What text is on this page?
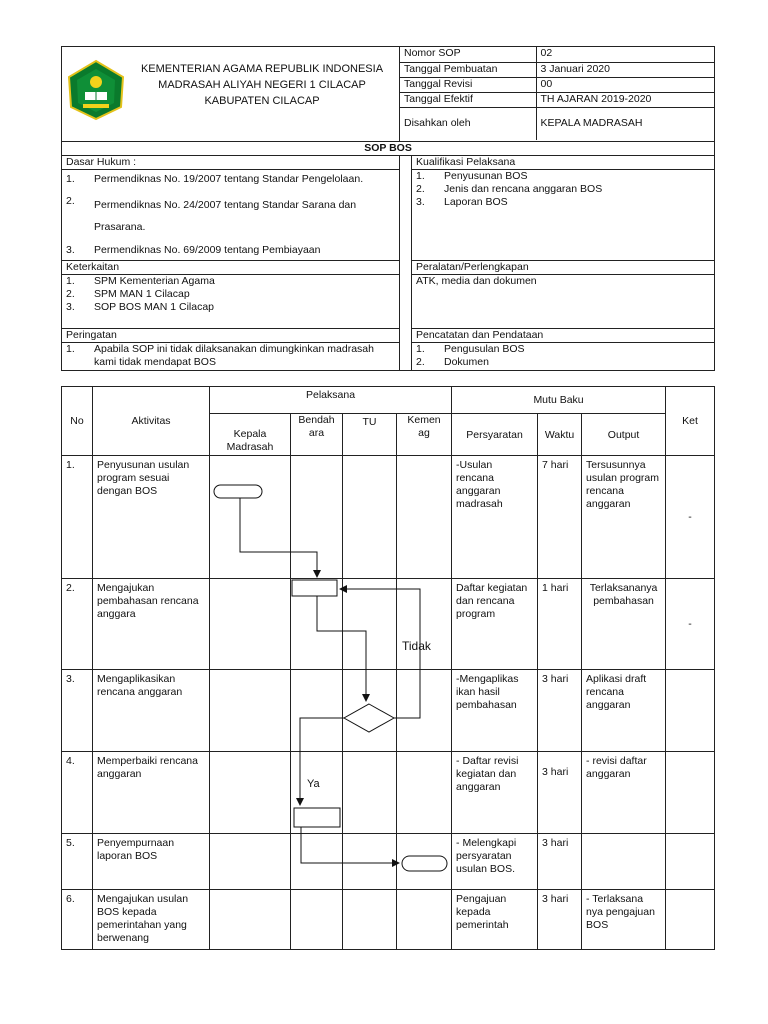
KEMENTERIAN AGAMA REPUBLIK INDONESIA
MADRASAH ALIYAH NEGERI 1 CILACAP
KABUPATEN CILACAP

Nomor SOP	02
Tanggal Pembuatan	3 Januari 2020
Tanggal Revisi	00
Tanggal Efektif	TH AJARAN 2019-2020
Disahkan oleh	KEPALA MADRASAH

SOP BOS
Dasar Hukum :		Kualifikasi Pelaksana

1.	Permendiknas No. 19/2007 tentang Standar Pengelolaan.
2.	Permendiknas No. 24/2007 tentang Standar Sarana dan Prasarana.
3.	Permendiknas No. 69/2009 tentang Pembiayaan

1.	Penyusunan BOS
2.	Jenis dan rencana anggaran BOS
3.	Laporan BOS

Keterkaitan	Peralatan/Perlengkapan

1.	SPM Kementerian Agama
2.	SPM MAN 1 Cilacap
3.	SOP BOS MAN 1 Cilacap
	ATK, media dan dokumen
Peringatan	Pencatatan dan Pendataan

1.	Apabila SOP ini tidak dilaksanakan dimungkinkan madrasah kami tidak mendapat BOS

1.	Pengusulan BOS
2.	Dokumen
No	Aktivitas	Pelaksana				Mutu Baku			Ket
		Kepala Madrasah	Bendah ara	TU	Kemen ag	Persyaratan	Waktu	Output	
1.	Penyusunan usulan program sesuai dengan BOS					-Usulan rencana anggaran madrasah	7 hari	Tersusunnya usulan program rencana anggaran	-
2.	Mengajukan pembahasan rencana anggara					Daftar kegiatan dan rencana program	1 hari	Terlaksananya pembahasan	-
3.	Mengaplikasikan rencana anggaran					-Mengaplikas ikan hasil pembahasan	3 hari	Aplikasi draft rencana anggaran	
4.	Memperbaiki rencana anggaran					- Daftar revisi kegiatan dan anggaran	3 hari	- revisi daftar anggaran	
5.	Penyempurnaan laporan BOS					- Melengkapi persyaratan usulan BOS.	3 hari		
6.	Mengajukan usulan BOS kepada pemerintahan yang berwenang					Pengajuan kepada pemerintah	3 hari	- Terlaksana nya pengajuan BOS	
Tidak
Ya
